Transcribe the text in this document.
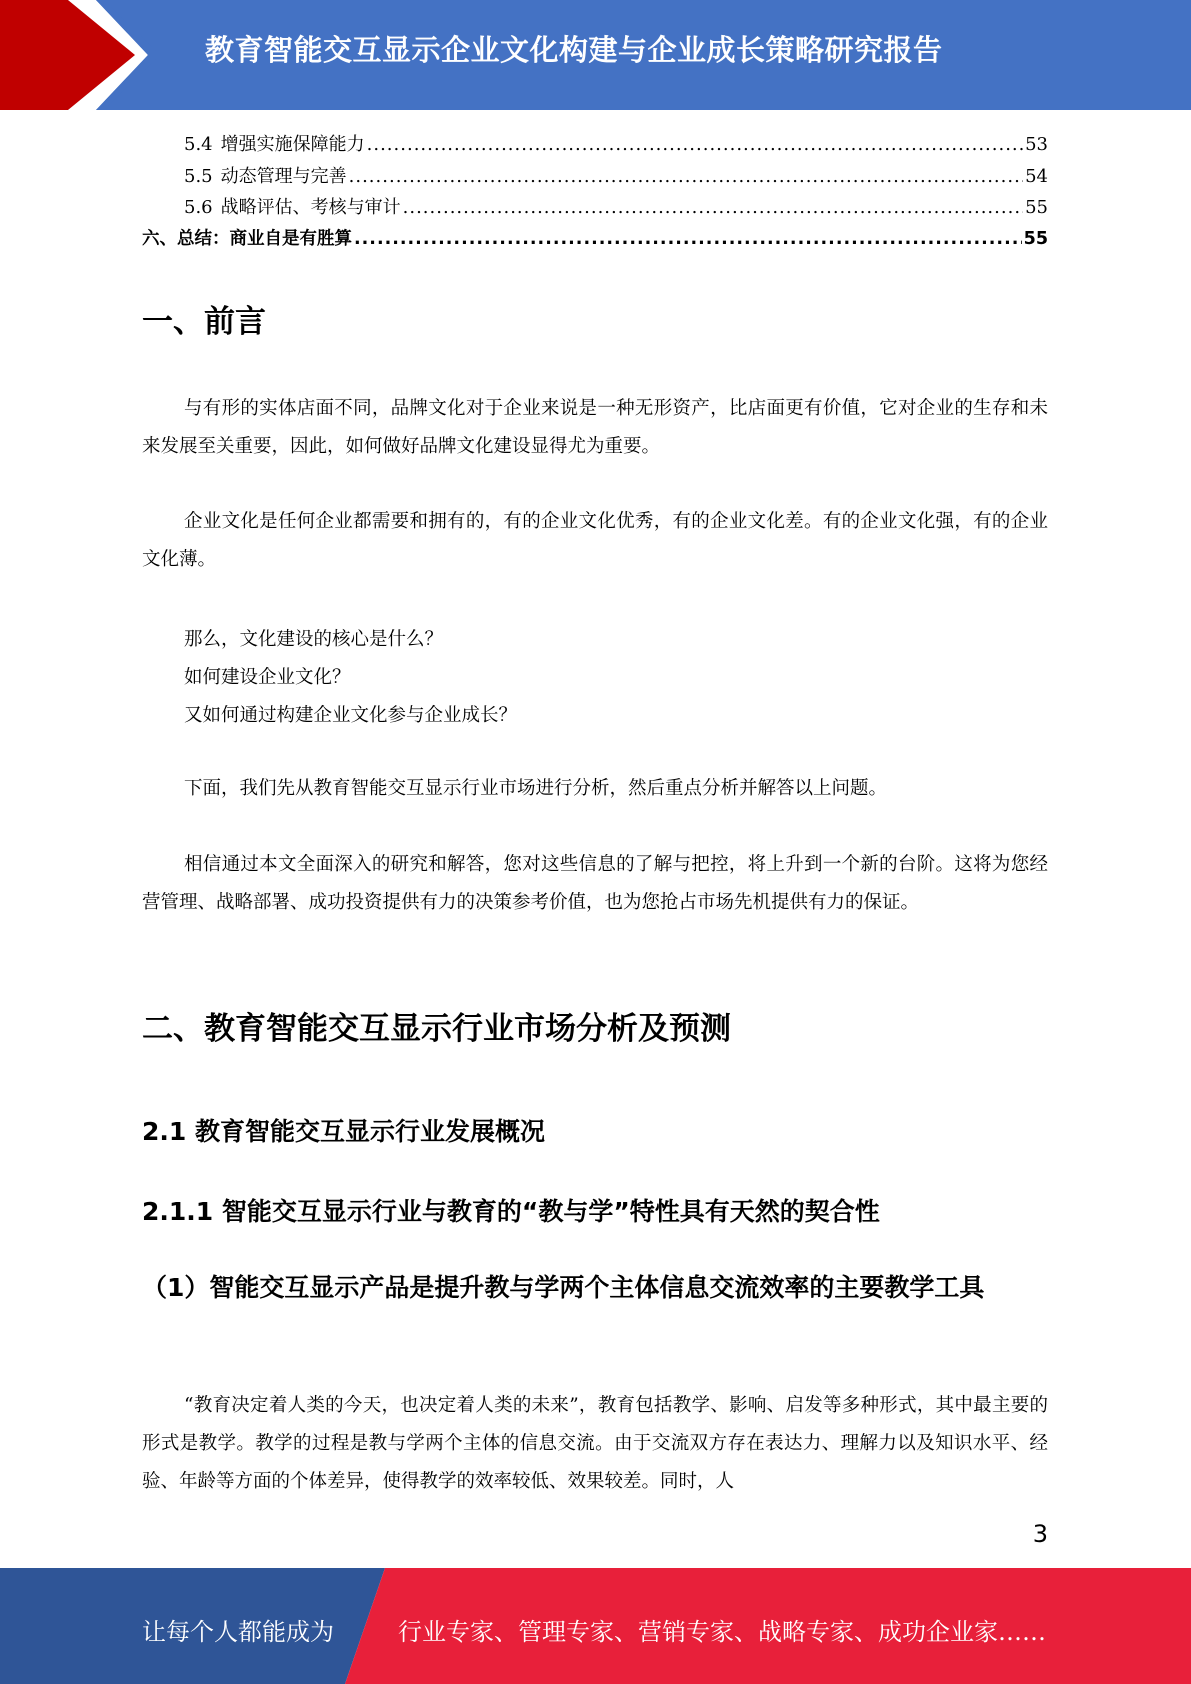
教育智能交互显示企业文化构建与企业成长策略研究报告
5.4 增强实施保障能力 .....	53
5.5 动态管理与完善 .....	54
5.6 战略评估、考核与审计 .....	55
六、总结：商业自是有胜算 .....	55
一、前言
与有形的实体店面不同，品牌文化对于企业来说是一种无形资产，比店面更有价值，它对企业的生存和未来发展至关重要，因此，如何做好品牌文化建设显得尤为重要。
企业文化是任何企业都需要和拥有的，有的企业文化优秀，有的企业文化差。有的企业文化强，有的企业文化薄。
那么，文化建设的核心是什么？
如何建设企业文化？
又如何通过构建企业文化参与企业成长？
下面，我们先从教育智能交互显示行业市场进行分析，然后重点分析并解答以上问题。
相信通过本文全面深入的研究和解答，您对这些信息的了解与把控，将上升到一个新的台阶。这将为您经营管理、战略部署、成功投资提供有力的决策参考价值，也为您抢占市场先机提供有力的保证。
二、教育智能交互显示行业市场分析及预测
2.1 教育智能交互显示行业发展概况
2.1.1 智能交互显示行业与教育的“教与学”特性具有天然的契合性
（1）智能交互显示产品是提升教与学两个主体信息交流效率的主要教学工具
“教育决定着人类的今天，也决定着人类的未来”，教育包括教学、影响、启发等多种形式，其中最主要的形式是教学。教学的过程是教与学两个主体的信息交流。由于交流双方存在表达力、理解力以及知识水平、经验、年龄等方面的个体差异，使得教学的效率较低、效果较差。同时，人
3
让每个人都能成为	行业专家、管理专家、营销专家、战略专家、成功企业家……
